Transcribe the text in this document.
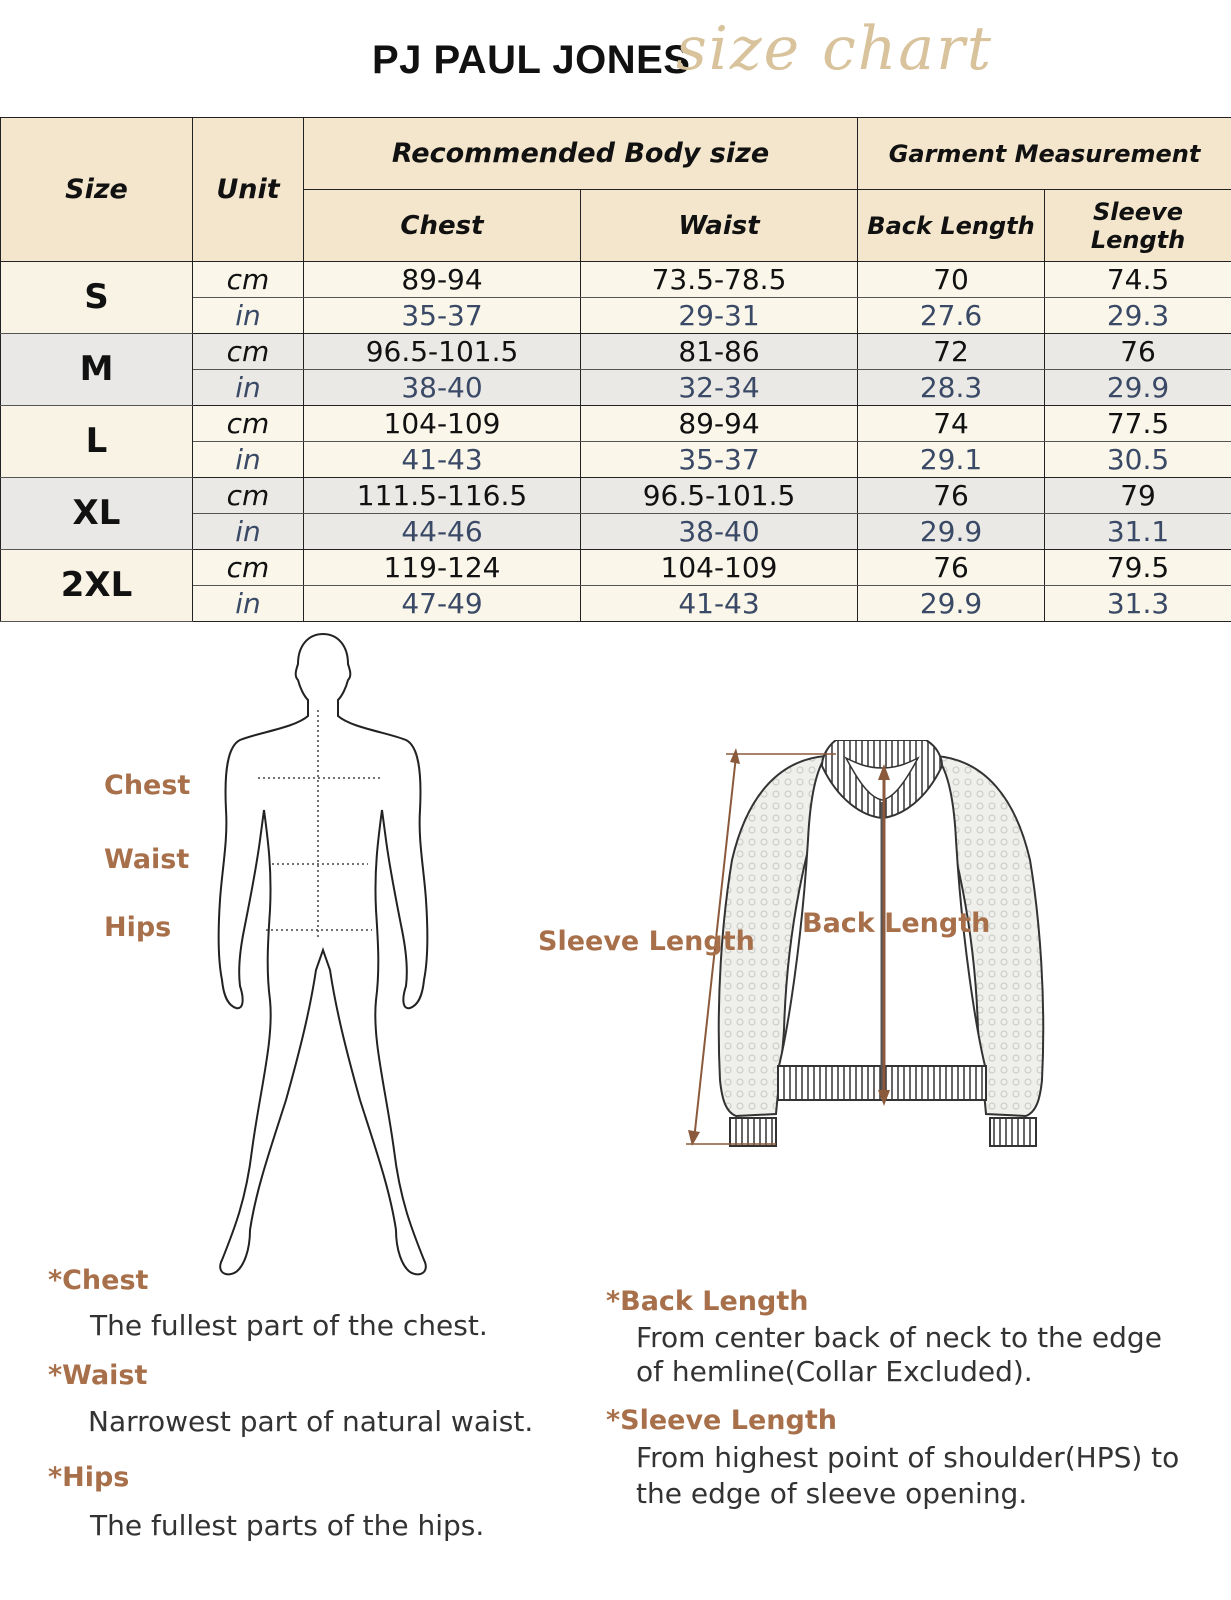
PJ PAUL JONES
size chart
Size	Unit	Recommended Body size		Garment Measurement	
		Chest	Waist	Back Length	Sleeve Length
S	cm	89-94	73.5-78.5	70	74.5
	in	35-37	29-31	27.6	29.3
M	cm	96.5-101.5	81-86	72	76
	in	38-40	32-34	28.3	29.9
L	cm	104-109	89-94	74	77.5
	in	41-43	35-37	29.1	30.5
XL	cm	111.5-116.5	96.5-101.5	76	79
	in	44-46	38-40	29.9	31.1
2XL	cm	119-124	104-109	76	79.5
	in	47-49	41-43	29.9	31.3
Chest
Waist
Hips	Sleeve Length
Back Length
*Chest
The fullest part of the chest.
*Waist
Narrowest part of natural waist.
*Hips
The fullest parts of the hips.
*Back Length
From center back of neck to the edge
of hemline(Collar Excluded).
*Sleeve Length
From highest point of shoulder(HPS) to
the edge of sleeve opening.
